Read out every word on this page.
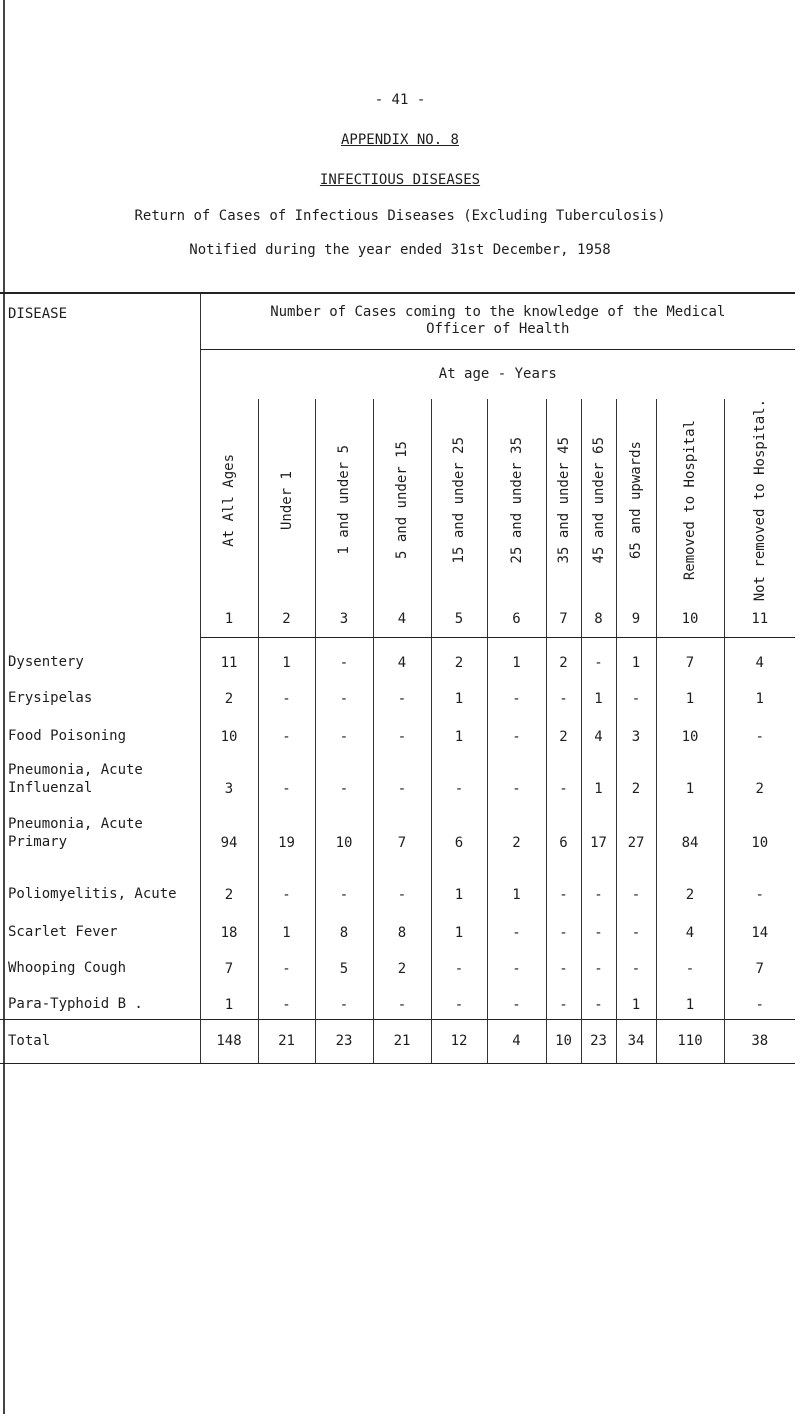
- 41 -
APPENDIX NO. 8
INFECTIOUS DISEASES
Return of Cases of Infectious Diseases (Excluding Tuberculosis)
Notified during the year ended 31st December, 1958
DISEASE	Number of Cases coming to the knowledge of the Medical Officer of Health										
	At age - Years										

	At All Ages	Under 1	1 and under 5	5 and under 15	15 and under 25	25 and under 35	35 and under 45	45 and under 65	65 and upwards	Removed to Hospital	Not removed to Hospital.

	1	2	3	4	5	6	7	8	9	10	11
Dysentery	11	1	-	4	2	1	2	-	1	7	4
Erysipelas	2	-	-	-	1	-	-	1	-	1	1
Food Poisoning	10	-	-	-	1	-	2	4	3	10	-
Pneumonia, Acute Influenzal	3	-	-	-	-	-	-	1	2	1	2
Pneumonia, Acute Primary	94	19	10	7	6	2	6	17	27	84	10
Poliomyelitis, Acute	2	-	-	-	1	1	-	-	-	2	-
Scarlet Fever	18	1	8	8	1	-	-	-	-	4	14
Whooping Cough	7	-	5	2	-	-	-	-	-	-	7
Para-Typhoid B .	1	-	-	-	-	-	-	-	1	1	-
Total	148	21	23	21	12	4	10	23	34	110	38
